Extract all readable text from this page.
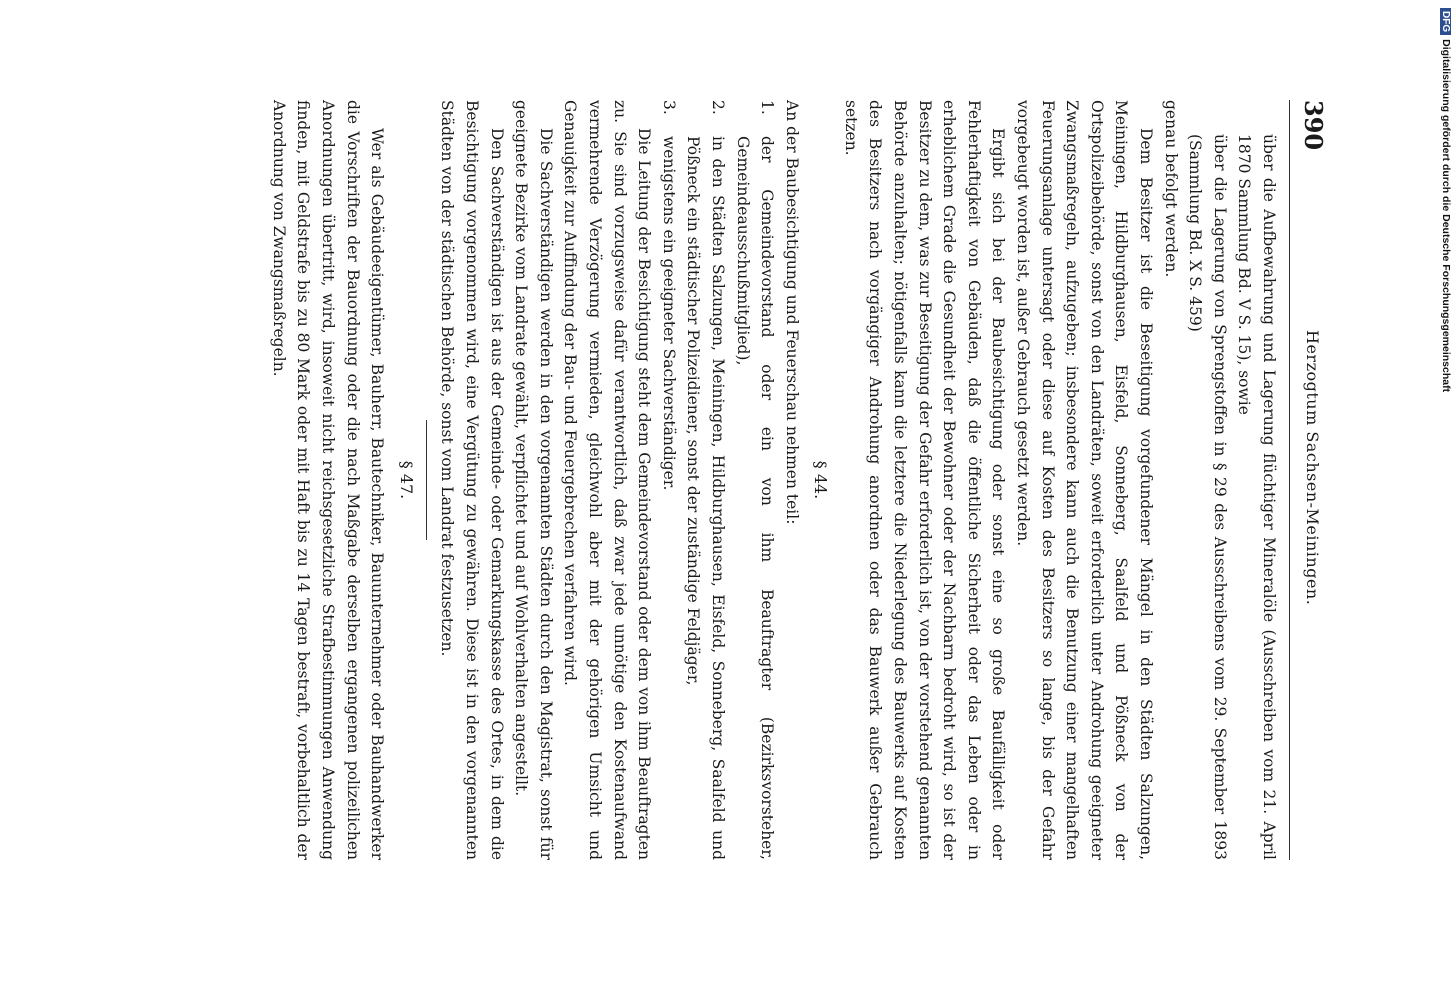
390
Herzogtum Sachsen-Meiningen.

über die Aufbewahrung und Lagerung flüchtiger Mineralöle (Ausschreiben vom 21. April 1870 Sammlung Bd. V S. 15), sowie

über die Lagerung von Sprengstoffen in § 29 des Ausschreibens vom 29. September 1893 (Sammlung Bd. X S. 459)

genau befolgt werden.

Dem Besitzer ist die Beseitigung vorgefundener Mängel in den Städten Salzungen, Meiningen, Hildburghausen, Eisfeld, Sonneberg, Saalfeld und Pößneck von der Ortspolizeibehörde, sonst von den Landräten, soweit erforderlich unter Androhung geeigneter Zwangsmaßregeln, aufzugeben; insbesondere kann auch die Benutzung einer mangelhaften Feuerungsanlage untersagt oder diese auf Kosten des Besitzers so lange, bis der Gefahr vorgebeugt worden ist, außer Gebrauch gesetzt werden.

Ergibt sich bei der Baubesichtigung oder sonst eine so große Baufälligkeit oder Fehlerhaftigkeit von Gebäuden, daß die öffentliche Sicherheit oder das Leben oder in erheblichem Grade die Gesundheit der Bewohner oder der Nachbarn bedroht wird, so ist der Besitzer zu dem, was zur Beseitigung der Gefahr erforderlich ist, von der vorstehend genannten Behörde anzuhalten; nötigenfalls kann die letztere die Niederlegung des Bauwerks auf Kosten des Besitzers nach vorgängiger Androhung anordnen oder das Bauwerk außer Gebrauch setzen.

§ 44.

An der Baubesichtigung und Feuerschau nehmen teil:

1.
der Gemeindevorstand oder ein von ihm Beauftragter (Bezirksvorsteher, Gemeindeausschußmitglied),
2.
in den Städten Salzungen, Meiningen, Hildburghausen, Eisfeld, Sonneberg, Saalfeld und Pößneck ein städtischer Polizeidiener, sonst der zuständige Feldjäger,
3.
wenigstens ein geeigneter Sachverständiger.

Die Leitung der Besichtigung steht dem Gemeindevorstand oder dem von ihm Beauftragten zu. Sie sind vorzugsweise dafür verantwortlich, daß zwar jede unnötige den Kostenaufwand vermehrende Verzögerung vermieden, gleichwohl aber mit der gehörigen Umsicht und Genauigkeit zur Auffindung der Bau- und Feuergebrechen verfahren wird.

Die Sachverständigen werden in den vorgenannten Städten durch den Magistrat, sonst für geeignete Bezirke vom Landrate gewählt, verpflichtet und auf Wohlverhalten angestellt.

Den Sachverständigen ist aus der Gemeinde- oder Gemarkungskasse des Ortes, in dem die Besichtigung vorgenommen wird, eine Vergütung zu gewähren. Diese ist in den vorgenannten Städten von der städtischen Behörde, sonst vom Landrat festzusetzen.

§ 47.

Wer als Gebäudeeigentümer, Bauherr, Bautechniker, Bauunternehmer oder Bauhandwerker die Vorschriften der Bauordnung oder die nach Maßgabe derselben ergangenen polizeilichen Anordnungen übertritt, wird, insoweit nicht reichsgesetzliche Strafbestimmungen Anwendung finden, mit Geldstrafe bis zu 80 Mark oder mit Haft bis zu 14 Tagen bestraft, vorbehaltlich der Anordnung von Zwangsmaßregeln.

DFGDigitalisierung gefördert durch die Deutsche Forschungsgemeinschaft
